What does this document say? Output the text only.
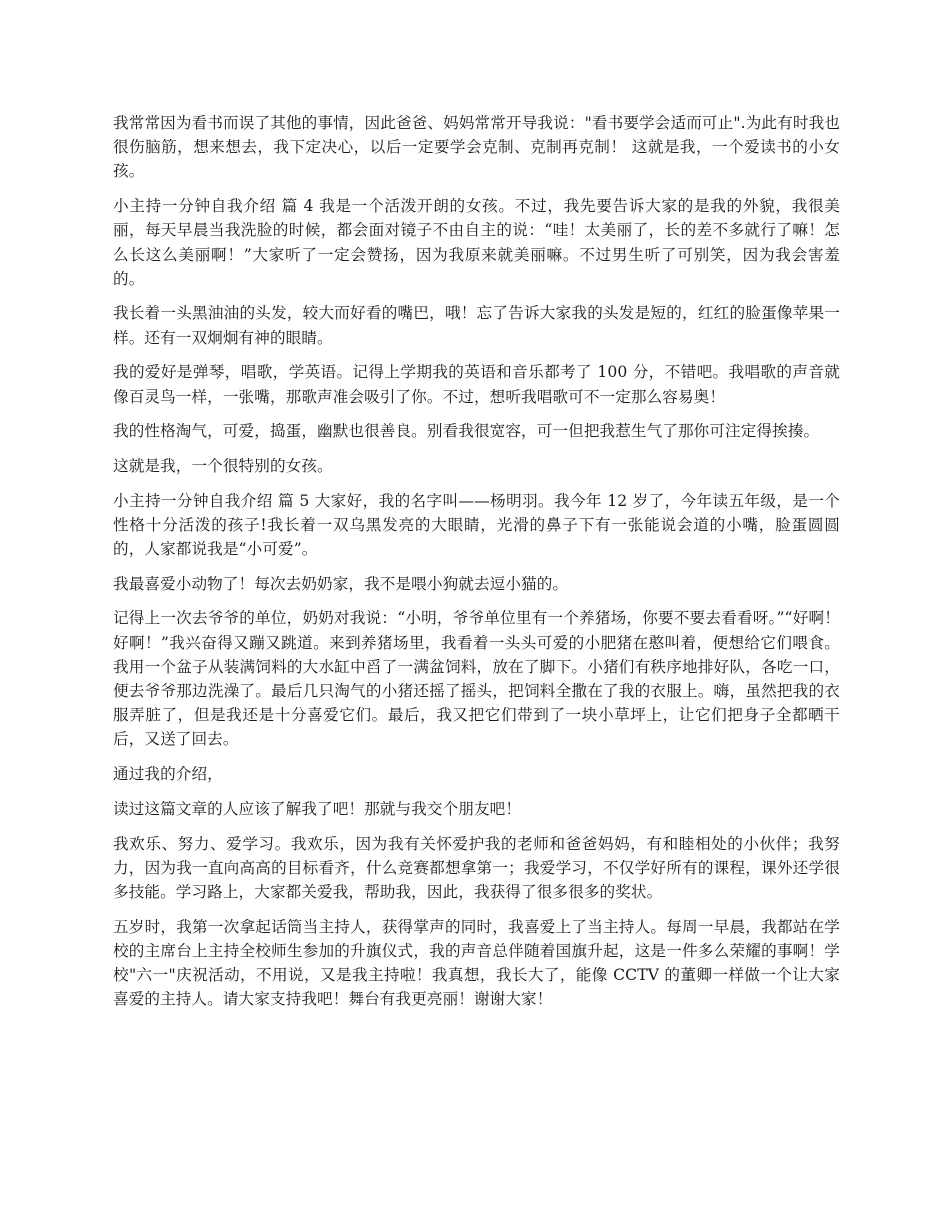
我常常因为看书而误了其他的事情，因此爸爸、妈妈常常开导我说："看书要学会适而可止".为此有时我也很伤脑筋，想来想去，我下定决心，以后一定要学会克制、克制再克制！ 这就是我，一个爱读书的小女孩。

小主持一分钟自我介绍 篇 4 我是一个活泼开朗的女孩。不过，我先要告诉大家的是我的外貌，我很美丽，每天早晨当我洗脸的时候，都会面对镜子不由自主的说：“哇！太美丽了，长的差不多就行了嘛！怎么长这么美丽啊！”大家听了一定会赞扬，因为我原来就美丽嘛。不过男生听了可别笑，因为我会害羞的。

我长着一头黑油油的头发，较大而好看的嘴巴，哦！忘了告诉大家我的头发是短的，红红的脸蛋像苹果一样。还有一双炯炯有神的眼睛。

我的爱好是弹琴，唱歌，学英语。记得上学期我的英语和音乐都考了 100 分，不错吧。我唱歌的声音就像百灵鸟一样，一张嘴，那歌声准会吸引了你。不过，想听我唱歌可不一定那么容易奥！

我的性格淘气，可爱，捣蛋，幽默也很善良。别看我很宽容，可一但把我惹生气了那你可注定得挨揍。

这就是我，一个很特别的女孩。

小主持一分钟自我介绍 篇 5 大家好，我的名字叫——杨明羽。我今年 12 岁了，今年读五年级，是一个性格十分活泼的孩子!我长着一双乌黑发亮的大眼睛，光滑的鼻子下有一张能说会道的小嘴，脸蛋圆圆的，人家都说我是“小可爱”。

我最喜爱小动物了！每次去奶奶家，我不是喂小狗就去逗小猫的。

记得上一次去爷爷的单位，奶奶对我说：“小明，爷爷单位里有一个养猪场，你要不要去看看呀。”“好啊！好啊！”我兴奋得又蹦又跳道。来到养猪场里，我看着一头头可爱的小肥猪在憨叫着，便想给它们喂食。我用一个盆子从装满饲料的大水缸中舀了一满盆饲料，放在了脚下。小猪们有秩序地排好队，各吃一口，便去爷爷那边洗澡了。最后几只淘气的小猪还摇了摇头，把饲料全撒在了我的衣服上。嗨，虽然把我的衣服弄脏了，但是我还是十分喜爱它们。最后，我又把它们带到了一块小草坪上，让它们把身子全都晒干后，又送了回去。

通过我的介绍，

读过这篇文章的人应该了解我了吧！那就与我交个朋友吧！

我欢乐、努力、爱学习。我欢乐，因为我有关怀爱护我的老师和爸爸妈妈，有和睦相处的小伙伴；我努力，因为我一直向高高的目标看齐，什么竞赛都想拿第一；我爱学习，不仅学好所有的课程，课外还学很多技能。学习路上，大家都关爱我，帮助我，因此，我获得了很多很多的奖状。

五岁时，我第一次拿起话筒当主持人，获得掌声的同时，我喜爱上了当主持人。每周一早晨，我都站在学校的主席台上主持全校师生参加的升旗仪式，我的声音总伴随着国旗升起，这是一件多么荣耀的事啊！学校"六一"庆祝活动，不用说，又是我主持啦！我真想，我长大了，能像 CCTV 的董卿一样做一个让大家喜爱的主持人。请大家支持我吧！舞台有我更亮丽！谢谢大家！
